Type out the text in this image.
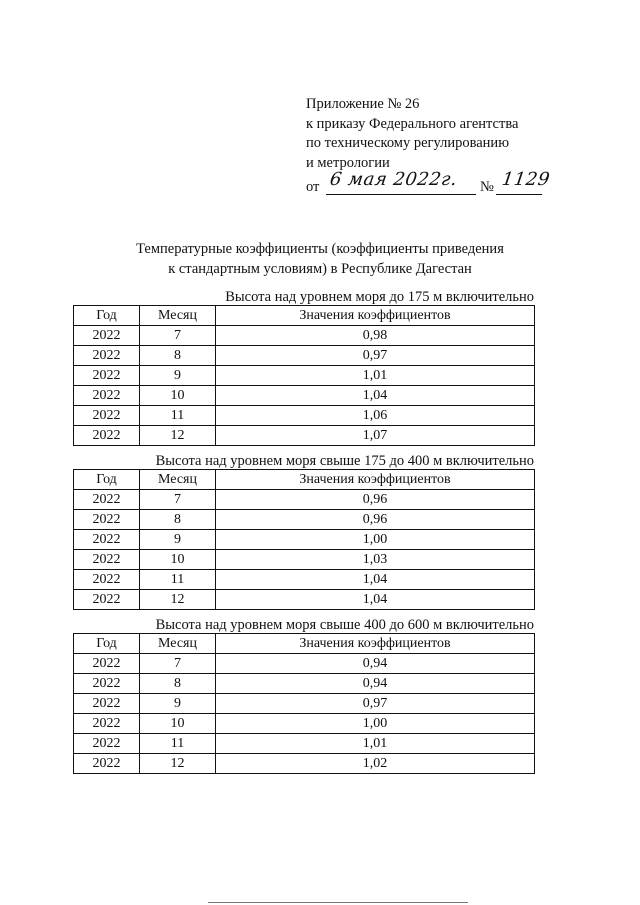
Приложение № 26
к приказу Федерального агентства
по техническому регулированию
и метрологии
от 6 мая 2022г. № 1129
Температурные коэффициенты (коэффициенты приведения
к стандартным условиям) в Республике Дагестан
Высота над уровнем моря до 175 м включительно
Год	Месяц	Значения коэффициентов
2022	7	0,98
2022	8	0,97
2022	9	1,01
2022	10	1,04
2022	11	1,06
2022	12	1,07
Высота над уровнем моря свыше 175 до 400 м включительно
Год	Месяц	Значения коэффициентов
2022	7	0,96
2022	8	0,96
2022	9	1,00
2022	10	1,03
2022	11	1,04
2022	12	1,04
Высота над уровнем моря свыше 400 до 600 м включительно
Год	Месяц	Значения коэффициентов
2022	7	0,94
2022	8	0,94
2022	9	0,97
2022	10	1,00
2022	11	1,01
2022	12	1,02
